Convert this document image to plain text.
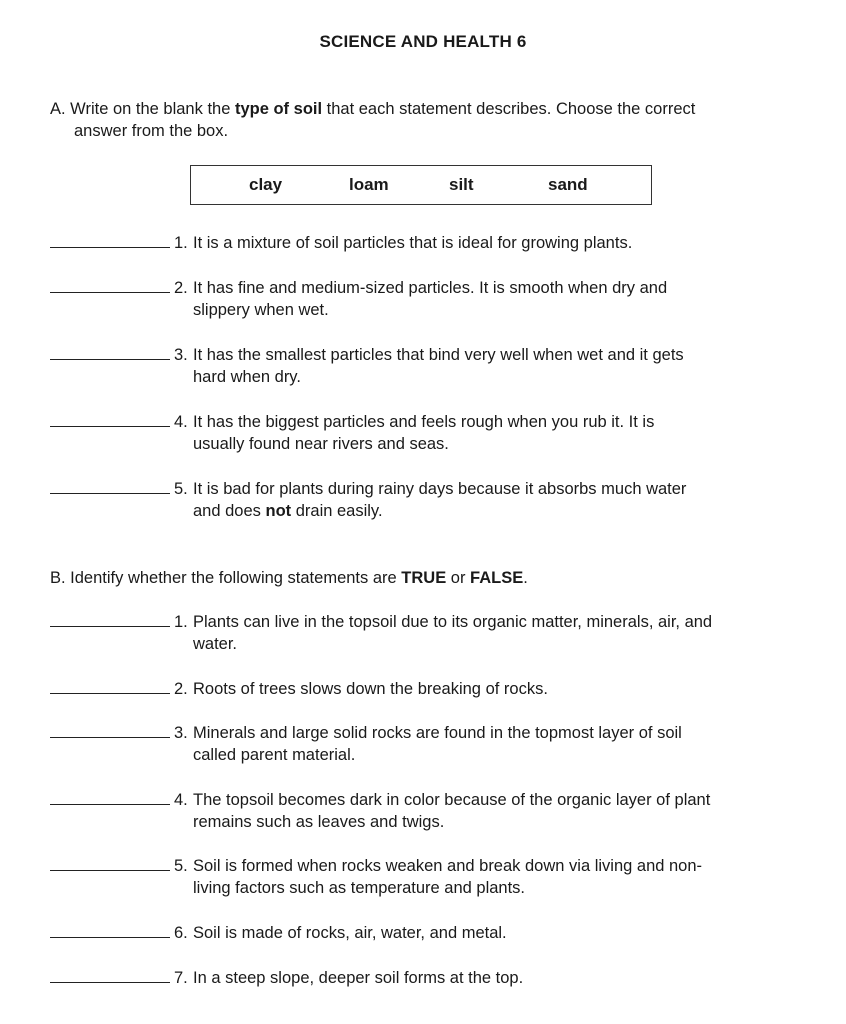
SCIENCE AND HEALTH 6
A. Write on the blank the type of soil that each statement describes. Choose the correct
answer from the box.
clay	loam	silt	sand
1. It is a mixture of soil particles that is ideal for growing plants.
2. It has fine and medium-sized particles. It is smooth when dry and
slippery when wet.
3. It has the smallest particles that bind very well when wet and it gets
hard when dry.
4. It has the biggest particles and feels rough when you rub it. It is
usually found near rivers and seas.
5. It is bad for plants during rainy days because it absorbs much water
and does not drain easily.
B. Identify whether the following statements are TRUE or FALSE.
1. Plants can live in the topsoil due to its organic matter, minerals, air, and
water.
2. Roots of trees slows down the breaking of rocks.
3. Minerals and large solid rocks are found in the topmost layer of soil
called parent material.
4. The topsoil becomes dark in color because of the organic layer of plant
remains such as leaves and twigs.
5. Soil is formed when rocks weaken and break down via living and non-
living factors such as temperature and plants.
6. Soil is made of rocks, air, water, and metal.
7. In a steep slope, deeper soil forms at the top.
